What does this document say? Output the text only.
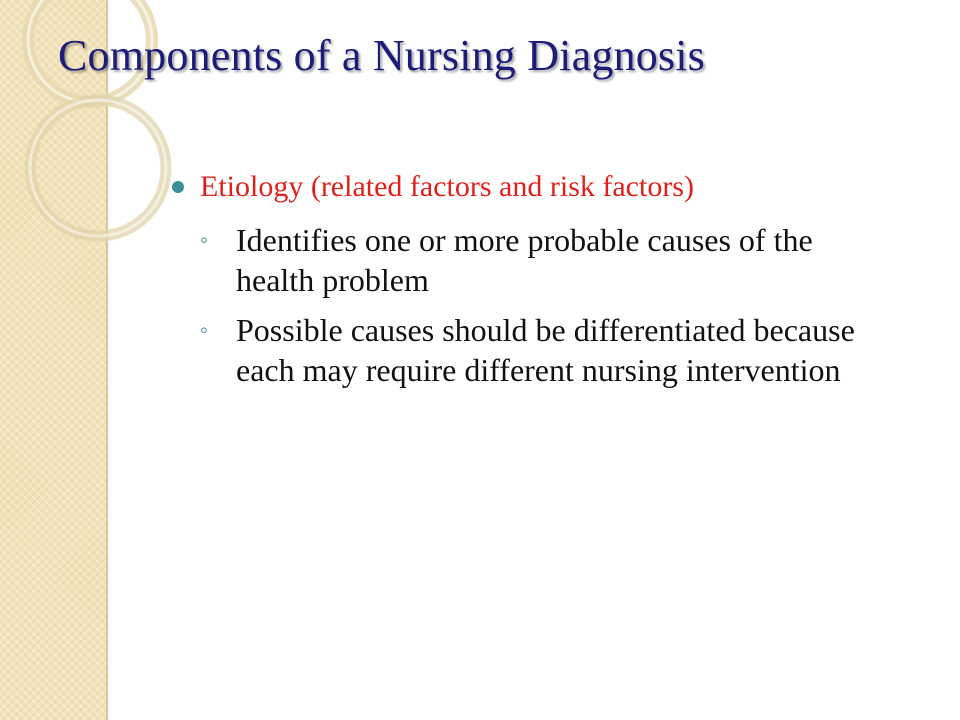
Components of a Nursing Diagnosis
Etiology (related factors and risk factors)
◦ Identifies one or more probable causes of the health problem
◦ Possible causes should be differentiated because each may require different nursing intervention
